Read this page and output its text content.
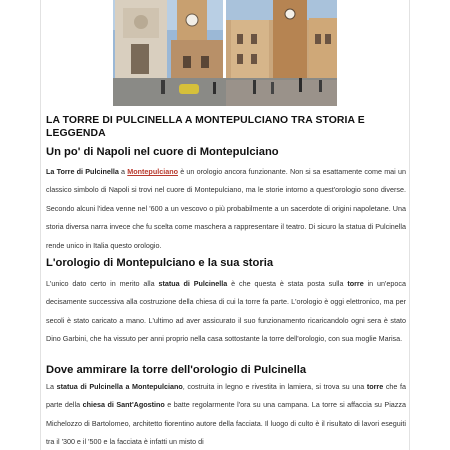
LA TORRE DI PULCINELLA A MONTEPULCIANO TRA STORIA E LEGGENDA
Un po' di Napoli nel cuore di Montepulciano
La Torre di Pulcinella a Montepulciano è un orologio ancora funzionante. Non si sa esattamente come mai un classico simbolo di Napoli si trovi nel cuore di Montepulciano, ma le storie intorno a quest'orologio sono diverse. Secondo alcuni l'idea venne nel '600 a un vescovo o più probabilmente a un sacerdote di origini napoletane. Una storia diversa narra invece che fu scelta come maschera a rappresentare il teatro. Di sicuro la statua di Pulcinella rende unico in Italia questo orologio.
L'orologio di Montepulciano e la sua storia
L'unico dato certo in merito alla statua di Pulcinella è che questa è stata posta sulla torre in un'epoca decisamente successiva alla costruzione della chiesa di cui la torre fa parte. L'orologio è oggi elettronico, ma per secoli è stato caricato a mano. L'ultimo ad aver assicurato il suo funzionamento ricaricandolo ogni sera è stato Dino Garbini, che ha vissuto per anni proprio nella casa sottostante la torre dell'orologio, con sua moglie Marisa.
Dove ammirare la torre dell'orologio di Pulcinella
La statua di Pulcinella a Montepulciano, costruita in legno e rivestita in lamiera, si trova su una torre che fa parte della chiesa di Sant'Agostino e batte regolarmente l'ora su una campana. La torre si affaccia su Piazza Michelozzo di Bartolomeo, architetto fiorentino autore della facciata. Il luogo di culto è il risultato di lavori eseguiti tra il '300 e il '500 e la facciata è infatti un misto di
